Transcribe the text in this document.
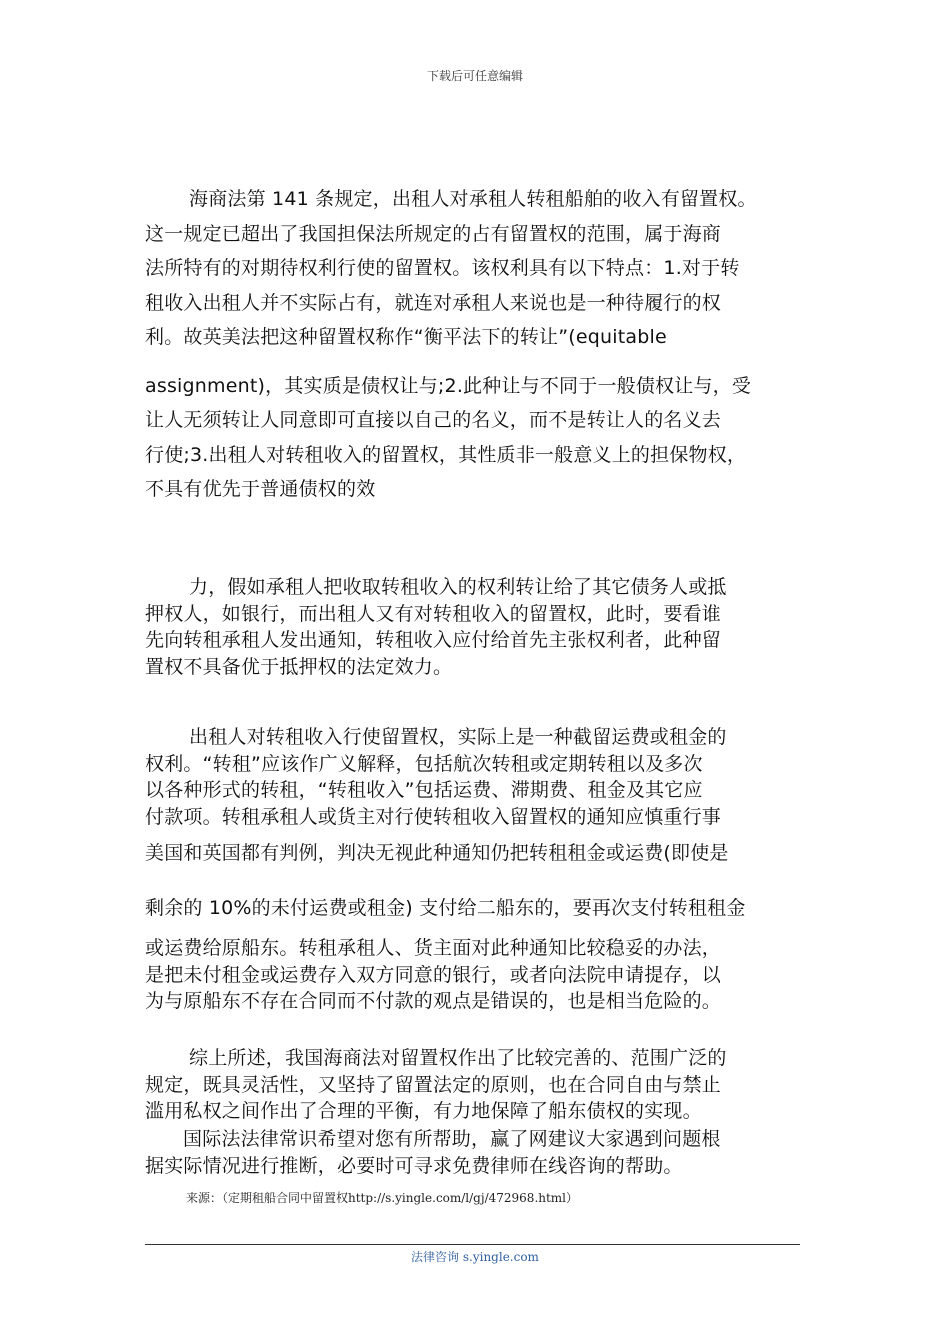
下载后可任意编辑
海商法第 141 条规定，出租人对承租人转租船舶的收入有留置权。
这一规定已超出了我国担保法所规定的占有留置权的范围，属于海商
法所特有的对期待权利行使的留置权。该权利具有以下特点：1.对于转
租收入出租人并不实际占有，就连对承租人来说也是一种待履行的权
利。故英美法把这种留置权称作“衡平法下的转让”(equitable
assignment)，其实质是债权让与;2.此种让与不同于一般债权让与，受
让人无须转让人同意即可直接以自己的名义，而不是转让人的名义去
行使;3.出租人对转租收入的留置权，其性质非一般意义上的担保物权，
不具有优先于普通债权的效
力，假如承租人把收取转租收入的权利转让给了其它债务人或抵
押权人，如银行，而出租人又有对转租收入的留置权，此时，要看谁
先向转租承租人发出通知，转租收入应付给首先主张权利者，此种留
置权不具备优于抵押权的法定效力。
出租人对转租收入行使留置权，实际上是一种截留运费或租金的
权利。“转租”应该作广义解释，包括航次转租或定期转租以及多次
以各种形式的转租，“转租收入”包括运费、滞期费、租金及其它应
付款项。转租承租人或货主对行使转租收入留置权的通知应慎重行事
美国和英国都有判例，判决无视此种通知仍把转租租金或运费(即使是
剩余的 10%的未付运费或租金) 支付给二船东的，要再次支付转租租金
或运费给原船东。转租承租人、货主面对此种通知比较稳妥的办法，
是把未付租金或运费存入双方同意的银行，或者向法院申请提存，以
为与原船东不存在合同而不付款的观点是错误的，也是相当危险的。
综上所述，我国海商法对留置权作出了比较完善的、范围广泛的
规定，既具灵活性，又坚持了留置法定的原则，也在合同自由与禁止
滥用私权之间作出了合理的平衡，有力地保障了船东债权的实现。
国际法法律常识希望对您有所帮助，赢了网建议大家遇到问题根
据实际情况进行推断，必要时可寻求免费律师在线咨询的帮助。
来源：（定期租船合同中留置权http://s.yingle.com/l/gj/472968.html）
法律咨询 s.yingle.com
